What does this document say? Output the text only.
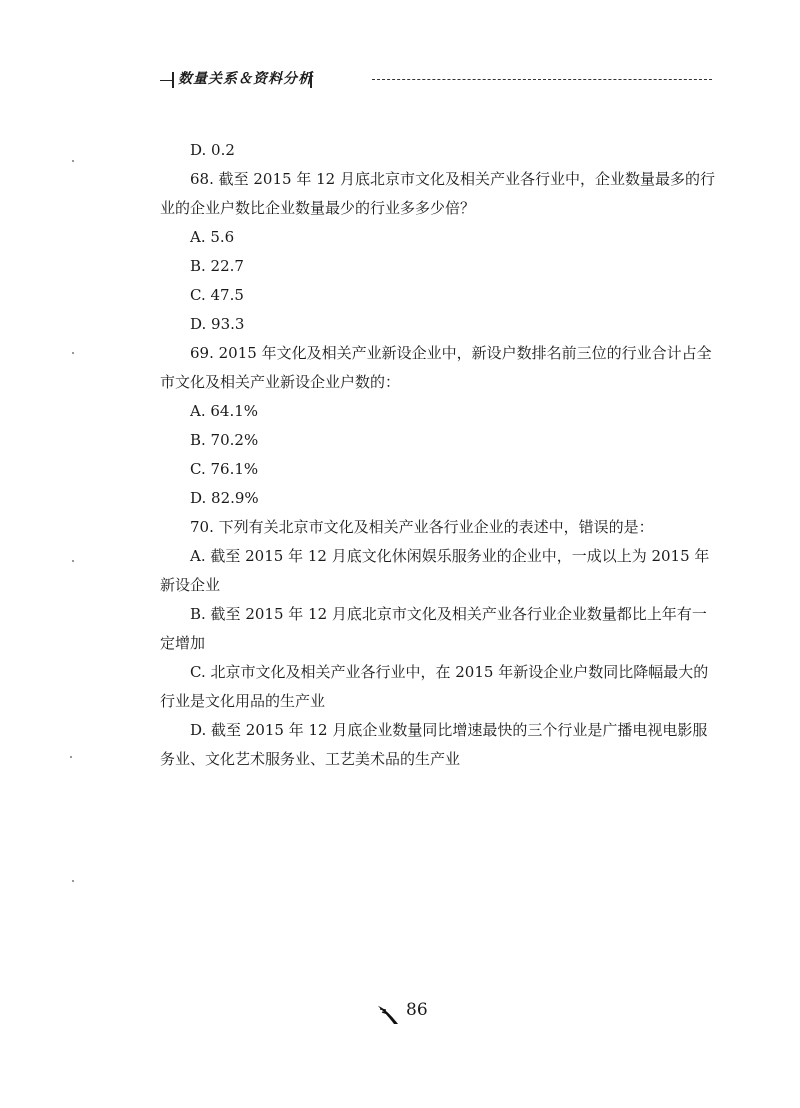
数量关系＆资料分析

D. 0.2

68. 截至 2015 年 12 月底北京市文化及相关产业各行业中，企业数量最多的行业的企业户数比企业数量最少的行业多多少倍？

A. 5.6

B. 22.7

C. 47.5

D. 93.3

69. 2015 年文化及相关产业新设企业中，新设户数排名前三位的行业合计占全市文化及相关产业新设企业户数的：

A. 64.1%

B. 70.2%

C. 76.1%

D. 82.9%

70. 下列有关北京市文化及相关产业各行业企业的表述中，错误的是：

A. 截至 2015 年 12 月底文化休闲娱乐服务业的企业中，一成以上为 2015 年新设企业

B. 截至 2015 年 12 月底北京市文化及相关产业各行业企业数量都比上年有一定增加

C. 北京市文化及相关产业各行业中，在 2015 年新设企业户数同比降幅最大的行业是文化用品的生产业

D. 截至 2015 年 12 月底企业数量同比增速最快的三个行业是广播电视电影服务业、文化艺术服务业、工艺美术品的生产业

86
